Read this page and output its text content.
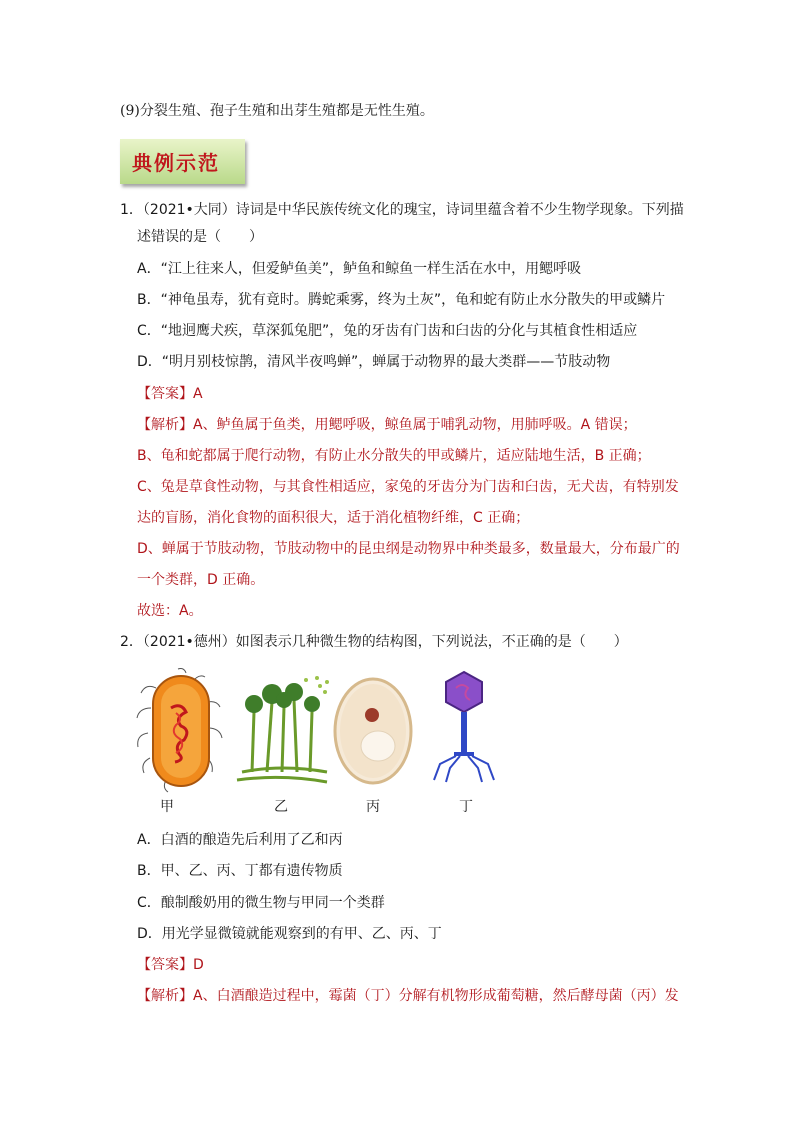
(9)分裂生殖、孢子生殖和出芽生殖都是无性生殖。
典例示范
1．（2021•大同）诗词是中华民族传统文化的瑰宝，诗词里蕴含着不少生物学现象。下列描
述错误的是（　　）
A．“江上往来人，但爱鲈鱼美”，鲈鱼和鲸鱼一样生活在水中，用鳃呼吸
B．“神龟虽寿，犹有竟时。腾蛇乘雾，终为土灰”，龟和蛇有防止水分散失的甲或鳞片
C．“地迥鹰犬疾，草深狐兔肥”，兔的牙齿有门齿和臼齿的分化与其植食性相适应
D．“明月别枝惊鹊，清风半夜鸣蝉”，蝉属于动物界的最大类群——节肢动物
【答案】A
【解析】A、鲈鱼属于鱼类，用鳃呼吸，鲸鱼属于哺乳动物，用肺呼吸。A 错误；
B、龟和蛇都属于爬行动物，有防止水分散失的甲或鳞片，适应陆地生活，B 正确；
C、兔是草食性动物，与其食性相适应，家兔的牙齿分为门齿和臼齿，无犬齿，有特别发
达的盲肠，消化食物的面积很大，适于消化植物纤维，C 正确；
D、蝉属于节肢动物，节肢动物中的昆虫纲是动物界中种类最多，数量最大，分布最广的
一个类群，D 正确。
故选：A。
2．（2021•德州）如图表示几种微生物的结构图，下列说法，不正确的是（　　）
甲	乙	丙	丁
A．白酒的酿造先后利用了乙和丙
B．甲、乙、丙、丁都有遗传物质
C．酿制酸奶用的微生物与甲同一个类群
D．用光学显微镜就能观察到的有甲、乙、丙、丁
【答案】D
【解析】A、白酒酿造过程中，霉菌（丁）分解有机物形成葡萄糖，然后酵母菌（丙）发
